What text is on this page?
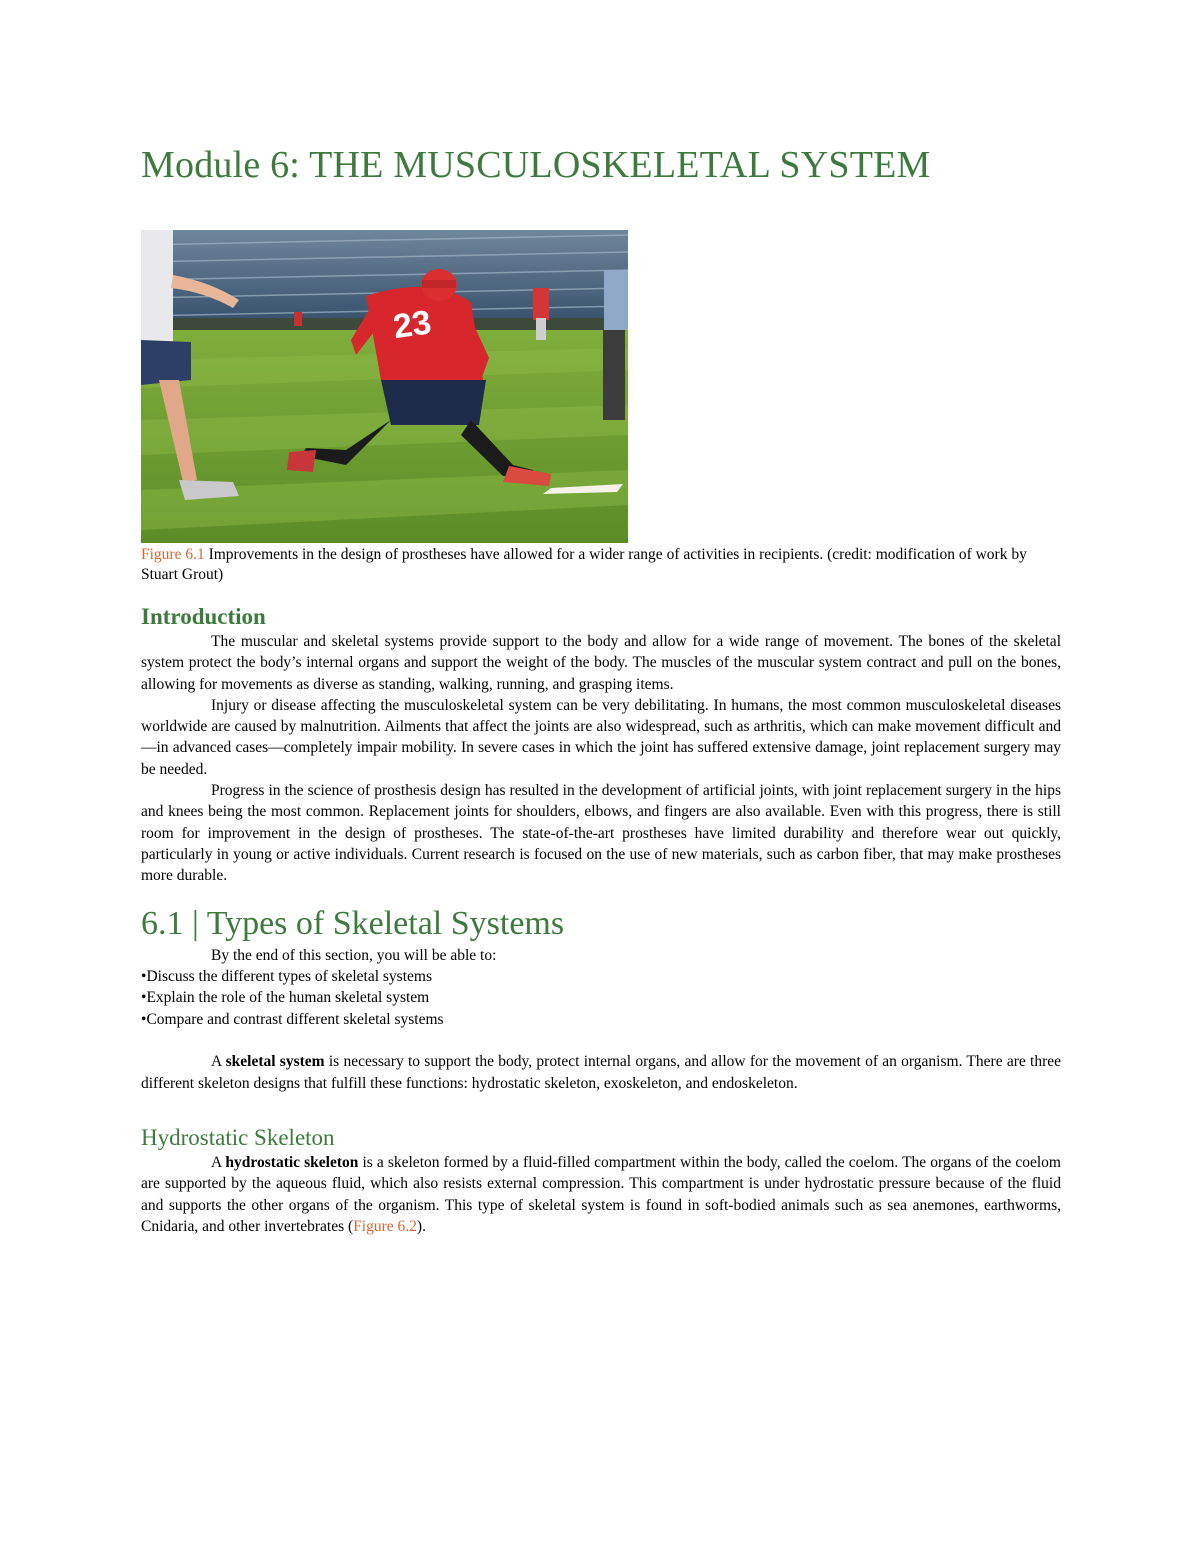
Module 6: THE MUSCULOSKELETAL SYSTEM
23
Figure 6.1 Improvements in the design of prostheses have allowed for a wider range of activities in recipients. (credit: modification of work by Stuart Grout)
Introduction

The muscular and skeletal systems provide support to the body and allow for a wide range of movement. The bones of the skeletal system protect the body’s internal organs and support the weight of the body. The muscles of the muscular system contract and pull on the bones, allowing for movements as diverse as standing, walking, running, and grasping items.

Injury or disease affecting the musculoskeletal system can be very debilitating. In humans, the most common musculoskeletal diseases worldwide are caused by malnutrition. Ailments that affect the joints are also widespread, such as arthritis, which can make movement difficult and—in advanced cases—completely impair mobility. In severe cases in which the joint has suffered extensive damage, joint replacement surgery may be needed.

Progress in the science of prosthesis design has resulted in the development of artificial joints, with joint replacement surgery in the hips and knees being the most common. Replacement joints for shoulders, elbows, and fingers are also available. Even with this progress, there is still room for improvement in the design of prostheses. The state-of-the-art prostheses have limited durability and therefore wear out quickly, particularly in young or active individuals. Current research is focused on the use of new materials, such as carbon fiber, that may make prostheses more durable.

6.1 | Types of Skeletal Systems

By the end of this section, you will be able to:

• Discuss the different types of skeletal systems
• Explain the role of the human skeletal system
• Compare and contrast different skeletal systems

A skeletal system is necessary to support the body, protect internal organs, and allow for the movement of an organism. There are three different skeleton designs that fulfill these functions: hydrostatic skeleton, exoskeleton, and endoskeleton.

Hydrostatic Skeleton

A hydrostatic skeleton is a skeleton formed by a fluid-filled compartment within the body, called the coelom. The organs of the coelom are supported by the aqueous fluid, which also resists external compression. This compartment is under hydrostatic pressure because of the fluid and supports the other organs of the organism. This type of skeletal system is found in soft-bodied animals such as sea anemones, earthworms, Cnidaria, and other invertebrates (Figure 6.2).
